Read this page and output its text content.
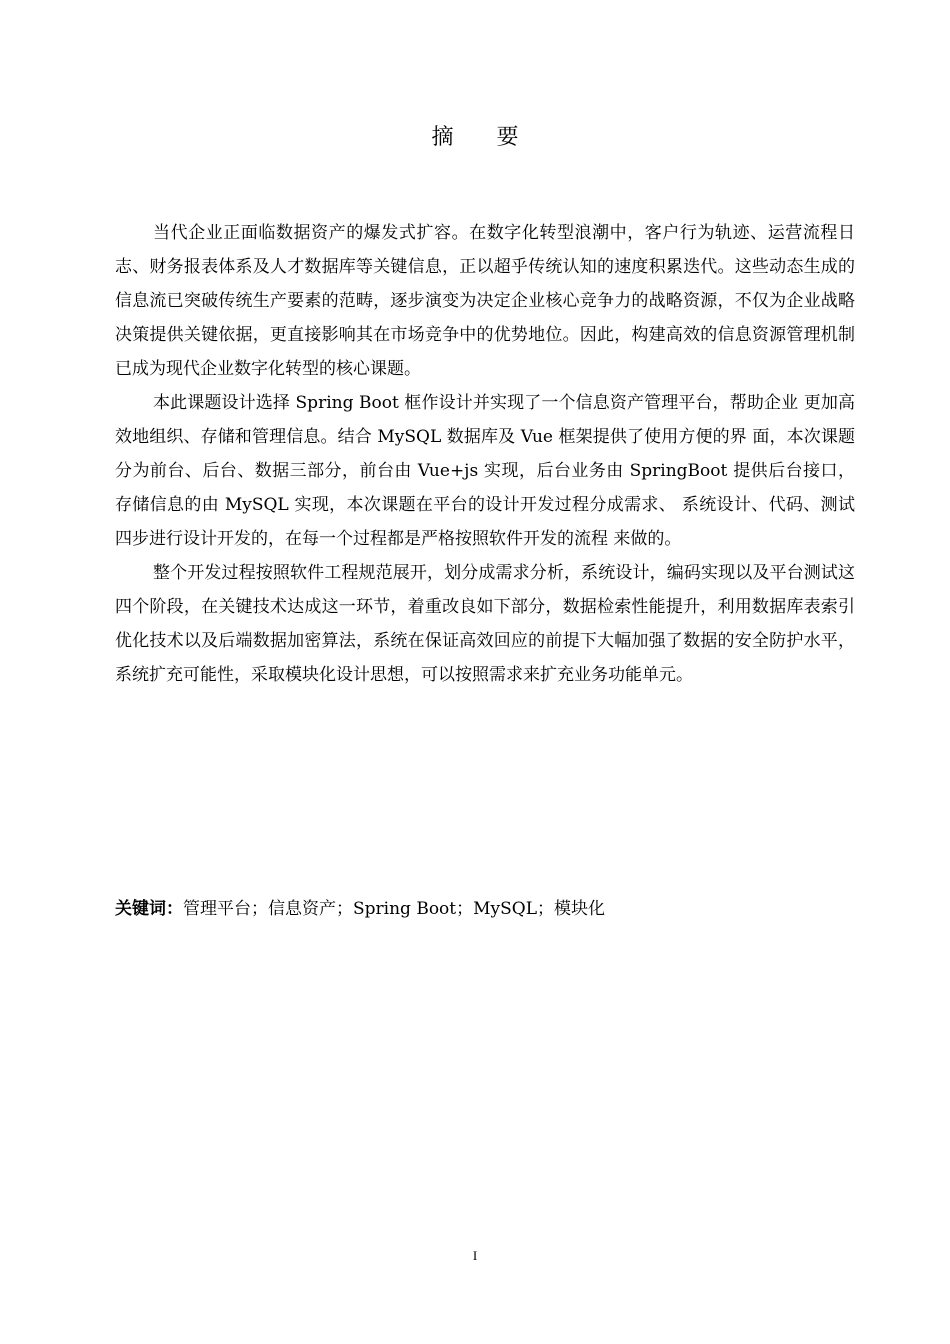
摘 要

当代企业正面临数据资产的爆发式扩容。在数字化转型浪潮中，客户行为轨迹、运营流程日志、财务报表体系及人才数据库等关键信息，正以超乎传统认知的速度积累迭代。这些动态生成的信息流已突破传统生产要素的范畴，逐步演变为决定企业核心竞争力的战略资源，不仅为企业战略决策提供关键依据，更直接影响其在市场竞争中的优势地位。因此，构建高效的信息资源管理机制已成为现代企业数字化转型的核心课题。

本此课题设计选择 Spring Boot 框作设计并实现了一个信息资产管理平台，帮助企业 更加高效地组织、存储和管理信息。结合 MySQL 数据库及 Vue 框架提供了使用方便的界 面，本次课题分为前台、后台、数据三部分，前台由 Vue+js 实现，后台业务由 SpringBoot 提供后台接口，存储信息的由 MySQL 实现，本次课题在平台的设计开发过程分成需求、 系统设计、代码、测试四步进行设计开发的，在每一个过程都是严格按照软件开发的流程 来做的。

整个开发过程按照软件工程规范展开，划分成需求分析，系统设计，编码实现以及平台测试这四个阶段，在关键技术达成这一环节，着重改良如下部分，数据检索性能提升，利用数据库表索引优化技术以及后端数据加密算法，系统在保证高效回应的前提下大幅加强了数据的安全防护水平，系统扩充可能性，采取模块化设计思想，可以按照需求来扩充业务功能单元。

关键词：管理平台；信息资产；Spring Boot；MySQL；模块化
I
